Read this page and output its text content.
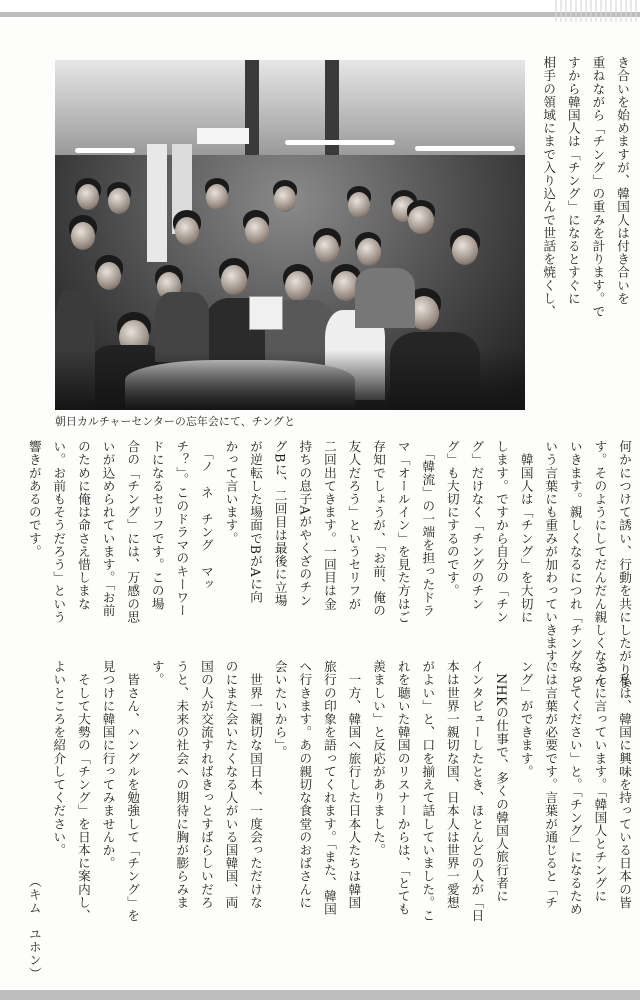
き合いを始めますが、韓国人は付き合いを
重ねながら「チング」の重みを計ります。で
すから韓国人は「チング」になるとすぐに
相手の領域にまで入り込んで世話を焼くし、
朝日カルチャーセンターの忘年会にて、チングと
何かにつけて誘い、行動を共にしたがりま
す。そのようにしてだんだん親しくなって
いきます。親しくなるにつれ「チング」と
いう言葉にも重みが加わっていきます。
　韓国人は「チング」を大切に
します。ですから自分の「チン
グ」だけなく「チングのチン
グ」も大切にするのです。
　「韓流」の一端を担ったドラ
マ「オールイン」を見た方はご
存知でしょうが、「お前、俺の
友人だろう」というセリフが
二回出てきます。一回目は金
持ちの息子Aがやくざのチン
グBに、二回目は最後に立場
が逆転した場面でBがAに向
かって言います。
　「ノ　ネ　チング　マッ
チ？」。このドラマのキーワー
ドになるセリフです。この場
合の「チング」には、万感の思
いが込められています。「お前
のために俺は命さえ惜しまな
い。お前もそうだろう」という
響きがあるのです。
　私は、韓国に興味を持っている日本の皆
さんに言っています。「韓国人とチングに
なってください」と。「チング」になるため
には言葉が必要です。言葉が通じると「チ
ング」ができます。
　NHKの仕事で、多くの韓国人旅行者に
インタビューしたとき、ほとんどの人が「日
本は世界一親切な国、日本人は世界一愛想
がよい」と、口を揃えて話していました。こ
れを聴いた韓国のリスナーからは、「とても
羨ましい」と反応がありました。
　一方、韓国へ旅行した日本人たちは韓国
旅行の印象を語ってくれます。「また、韓国
へ行きます。あの親切な食堂のおばさんに
会いたいから」。
　世界一親切な国日本、一度会っただけな
のにまた会いたくなる人がいる国韓国、両
国の人が交流すればきっとすばらしいだろ
うと、未来の社会への期待に胸が膨らみま
す。
　皆さん、ハングルを勉強して「チング」を
見つけに韓国に行ってみませんか。
　そして大勢の「チング」を日本に案内し、
よいところを紹介してください。
（キム　ユホン）
